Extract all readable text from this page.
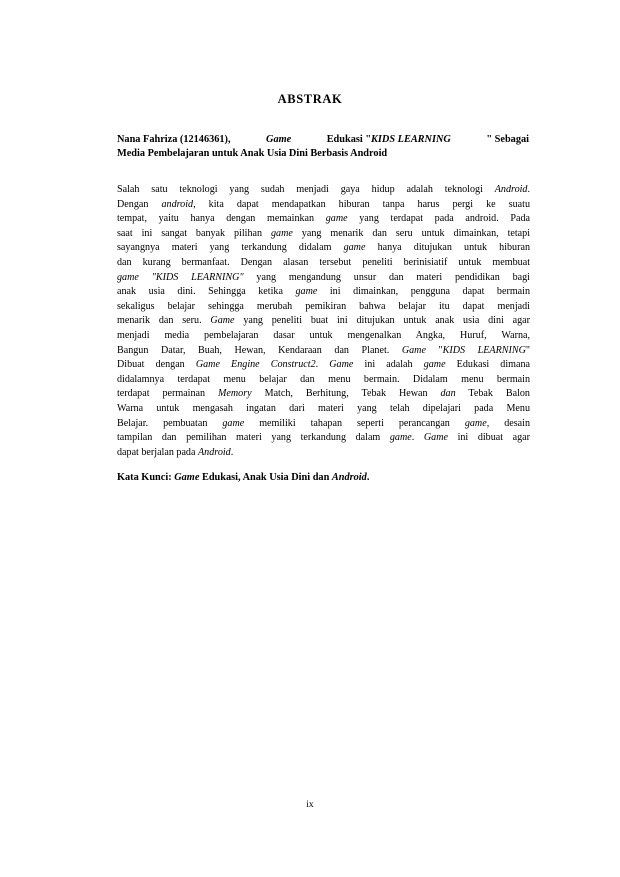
ABSTRAK
Nana Fahriza (12146361),	Game	Edukasi "KIDS LEARNING	" Sebagai
Media Pembelajaran untuk Anak Usia Dini Berbasis Android
Salah satu teknologi yang sudah menjadi gaya hidup adalah teknologi Android.
Dengan android, kita dapat mendapatkan hiburan tanpa harus pergi ke suatu
tempat, yaitu hanya dengan memainkan game yang terdapat pada android. Pada
saat ini sangat banyak pilihan game yang menarik dan seru untuk dimainkan, tetapi
sayangnya materi yang terkandung didalam game hanya ditujukan untuk hiburan
dan kurang bermanfaat. Dengan alasan tersebut peneliti berinisiatif untuk membuat
game "KIDS LEARNING" yang mengandung unsur dan materi pendidikan bagi
anak usia dini. Sehingga ketika game ini dimainkan, pengguna dapat bermain
sekaligus belajar sehingga merubah pemikiran bahwa belajar itu dapat menjadi
menarik dan seru. Game yang peneliti buat ini ditujukan untuk anak usia dini agar
menjadi media pembelajaran dasar untuk mengenalkan Angka, Huruf, Warna,
Bangun Datar, Buah, Hewan, Kendaraan dan Planet. Game "KIDS LEARNING"
Dibuat dengan Game Engine Construct2. Game ini adalah game Edukasi dimana
didalamnya terdapat menu belajar dan menu bermain. Didalam menu bermain
terdapat permainan Memory Match, Berhitung, Tebak Hewan dan Tebak Balon
Warna untuk mengasah ingatan dari materi yang telah dipelajari pada Menu
Belajar. pembuatan game memiliki tahapan seperti perancangan game, desain
tampilan dan pemilihan materi yang terkandung dalam game. Game ini dibuat agar
dapat berjalan pada Android.
Kata Kunci: Game Edukasi, Anak Usia Dini dan Android.
ix
